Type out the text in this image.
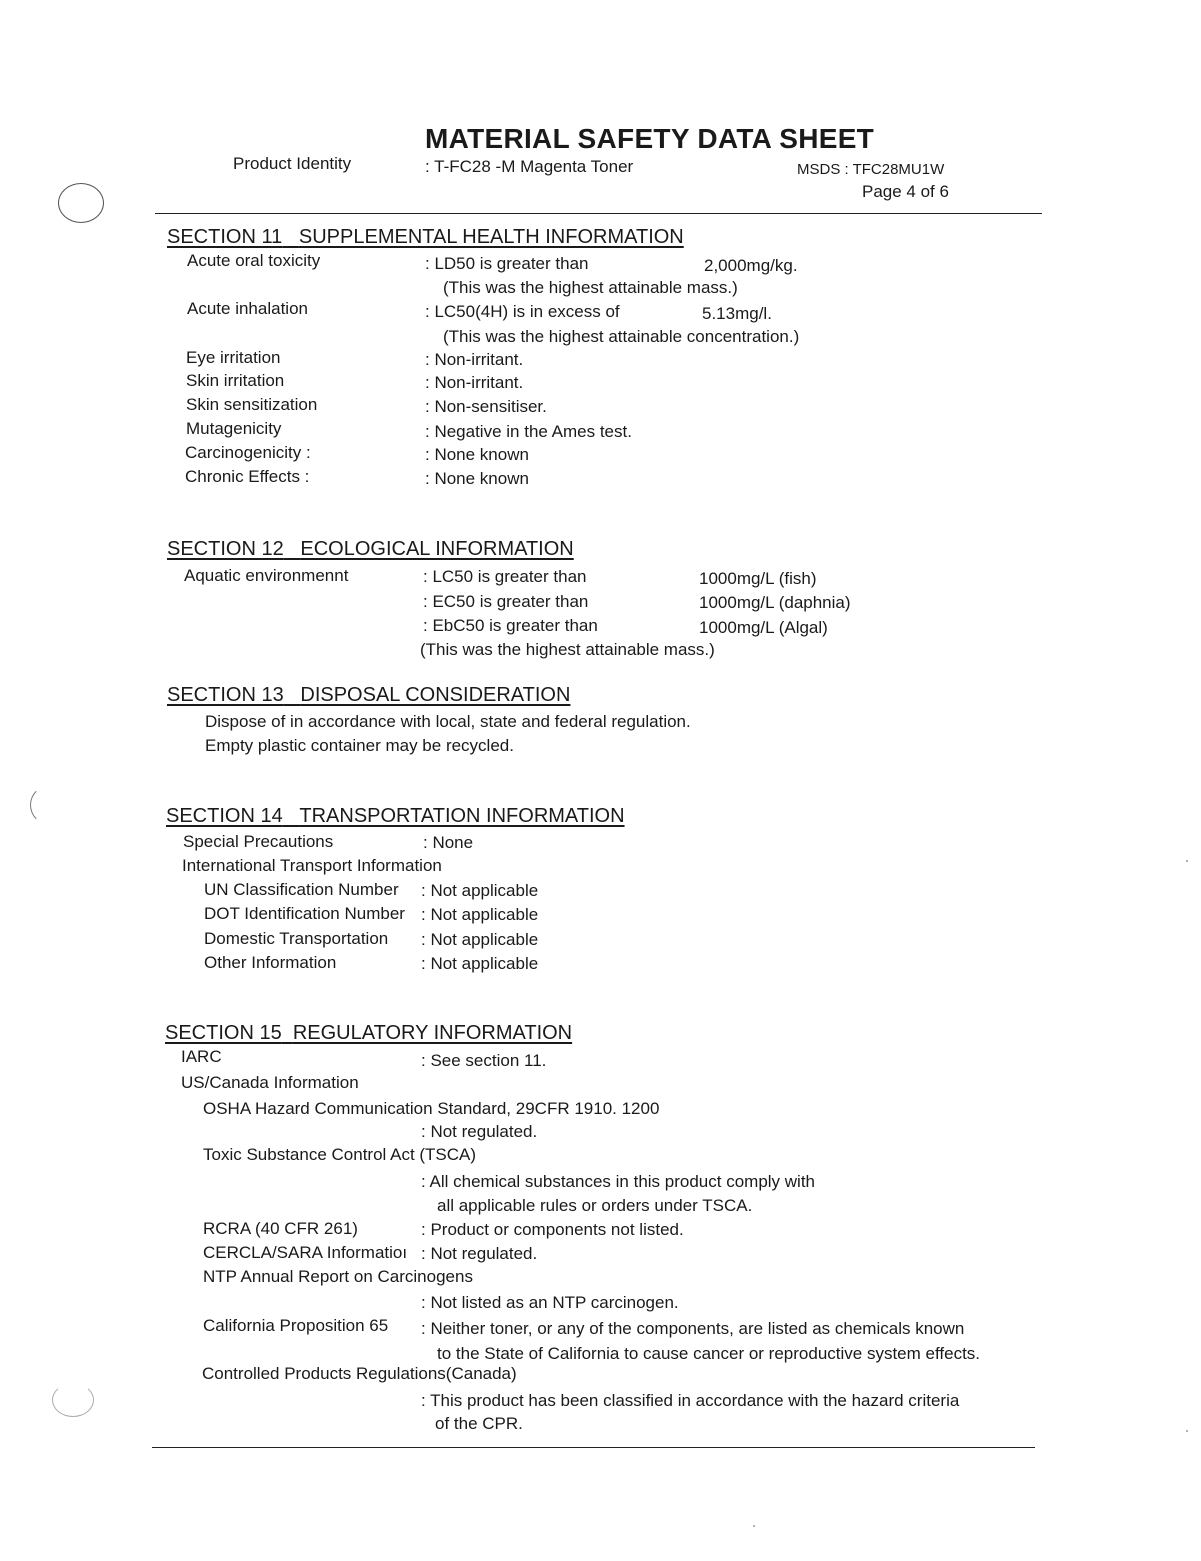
MATERIAL SAFETY DATA SHEET
Product Identity	: T-FC28 -M Magenta Toner	MSDS : TFC28MU1W
Page 4 of 6
SECTION 11 SUPPLEMENTAL HEALTH INFORMATION
Acute oral toxicity	: LD50 is greater than	2,000mg/kg.
(This was the highest attainable mass.)
Acute inhalation	: LC50(4H) is in excess of	5.13mg/l.
(This was the highest attainable concentration.)
Eye irritation	: Non-irritant.
Skin irritation	: Non-irritant.
Skin sensitization	: Non-sensitiser.
Mutagenicity	: Negative in the Ames test.
Carcinogenicity :	: None known
Chronic Effects :	: None known
SECTION 12 ECOLOGICAL INFORMATION
Aquatic environmennt	: LC50 is greater than	1000mg/L (fish)
: EC50 is greater than	1000mg/L (daphnia)
: EbC50 is greater than	1000mg/L (Algal)
(This was the highest attainable mass.)
SECTION 13 DISPOSAL CONSIDERATION
Dispose of in accordance with local, state and federal regulation.
Empty plastic container may be recycled.
SECTION 14 TRANSPORTATION INFORMATION
Special Precautions	: None
International Transport Information
UN Classification Number : Not applicable
DOT Identification Number : Not applicable
Domestic Transportation : Not applicable
Other Information	: Not applicable
SECTION 15 REGULATORY INFORMATION
IARC	: See section 11.
US/Canada Information
OSHA Hazard Communication Standard, 29CFR 1910. 1200
: Not regulated.
Toxic Substance Control Act (TSCA)
: All chemical substances in this product comply with
all applicable rules or orders under TSCA.
RCRA (40 CFR 261)	: Product or components not listed.
CERCLA/SARA Informatioı : Not regulated.
NTP Annual Report on Carcinogens
: Not listed as an NTP carcinogen.
California Proposition 65 : Neither toner, or any of the components, are listed as chemicals known
to the State of California to cause cancer or reproductive system effects.
Controlled Products Regulations(Canada)
: This product has been classified in accordance with the hazard criteria
of the CPR.
